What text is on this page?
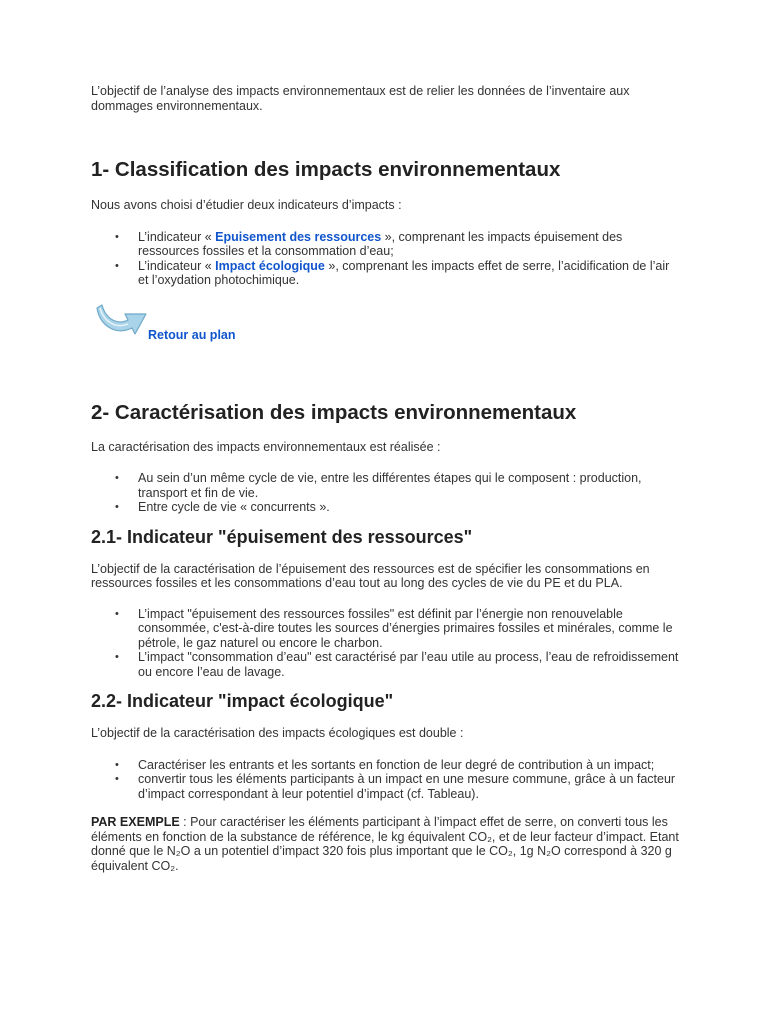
L’objectif de l’analyse des impacts environnementaux est de relier les données de l’inventaire aux dommages environnementaux.

1- Classification des impacts environnementaux

Nous avons choisi d’étudier deux indicateurs d’impacts :

• L’indicateur « Epuisement des ressources », comprenant les impacts épuisement des ressources fossiles et la consommation d’eau;
• L’indicateur « Impact écologique », comprenant les impacts effet de serre, l’acidification de l’air et l’oxydation photochimique.
Retour au plan
2- Caractérisation des impacts environnementaux

La caractérisation des impacts environnementaux est réalisée :

• Au sein d’un même cycle de vie, entre les différentes étapes qui le composent : production, transport et fin de vie.
• Entre cycle de vie « concurrents ».
2.1- Indicateur "épuisement des ressources"

L’objectif de la caractérisation de l’épuisement des ressources est de spécifier les consommations en ressources fossiles et les consommations d’eau tout au long des cycles de vie du PE et du PLA.

• L’impact "épuisement des ressources fossiles" est définit par l’énergie non renouvelable consommée, c'est-à-dire toutes les sources d’énergies primaires fossiles et minérales, comme le pétrole, le gaz naturel ou encore le charbon.
• L’impact "consommation d’eau" est caractérisé par l’eau utile au process, l’eau de refroidissement ou encore l’eau de lavage.
2.2- Indicateur "impact écologique"

L’objectif de la caractérisation des impacts écologiques est double :

• Caractériser les entrants et les sortants en fonction de leur degré de contribution à un impact;
• convertir tous les éléments participants à un impact en une mesure commune, grâce à un facteur d’impact correspondant à leur potentiel d’impact (cf. Tableau).

PAR EXEMPLE : Pour caractériser les éléments participant à l’impact effet de serre, on converti tous les éléments en fonction de la substance de référence, le kg équivalent CO₂, et de leur facteur d’impact. Etant donné que le N₂O a un potentiel d’impact 320 fois plus important que le CO₂, 1g N₂O correspond à 320 g équivalent CO₂.
